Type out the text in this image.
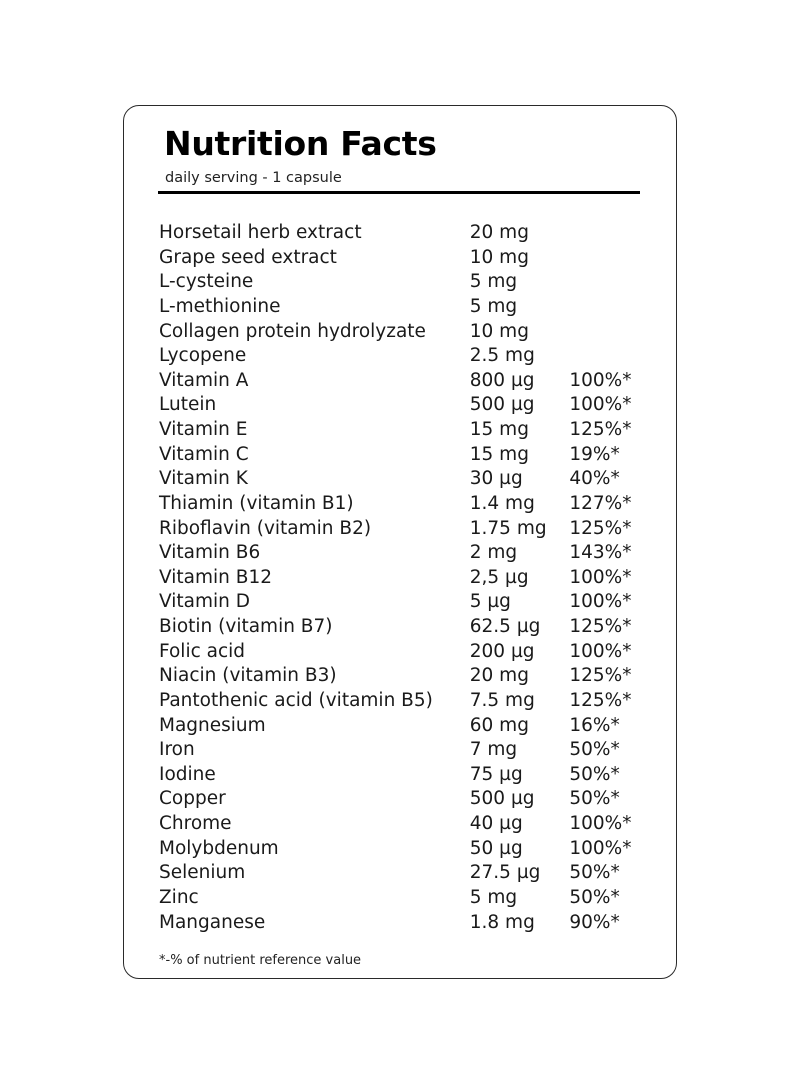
Nutrition Facts
daily serving - 1 capsule
Horsetail herb extract	20 mg
Grape seed extract	10 mg
L-cysteine	5 mg
L-methionine	5 mg
Collagen protein hydrolyzate	10 mg
Lycopene	2.5 mg
Vitamin A	800 µg	100%*
Lutein	500 µg	100%*
Vitamin E	15 mg	125%*
Vitamin C	15 mg	19%*
Vitamin K	30 µg	40%*
Thiamin (vitamin B1)	1.4 mg	127%*
Riboflavin (vitamin B2)	1.75 mg	125%*
Vitamin B6	2 mg	143%*
Vitamin B12	2,5 µg	100%*
Vitamin D	5 µg	100%*
Biotin (vitamin B7)	62.5 µg	125%*
Folic acid	200 µg	100%*
Niacin (vitamin B3)	20 mg	125%*
Pantothenic acid (vitamin B5)	7.5 mg	125%*
Magnesium	60 mg	16%*
Iron	7 mg	50%*
Iodine	75 µg	50%*
Copper	500 µg	50%*
Chrome	40 µg	100%*
Molybdenum	50 µg	100%*
Selenium	27.5 µg	50%*
Zinc	5 mg	50%*
Manganese	1.8 mg	90%*
*-% of nutrient reference value
